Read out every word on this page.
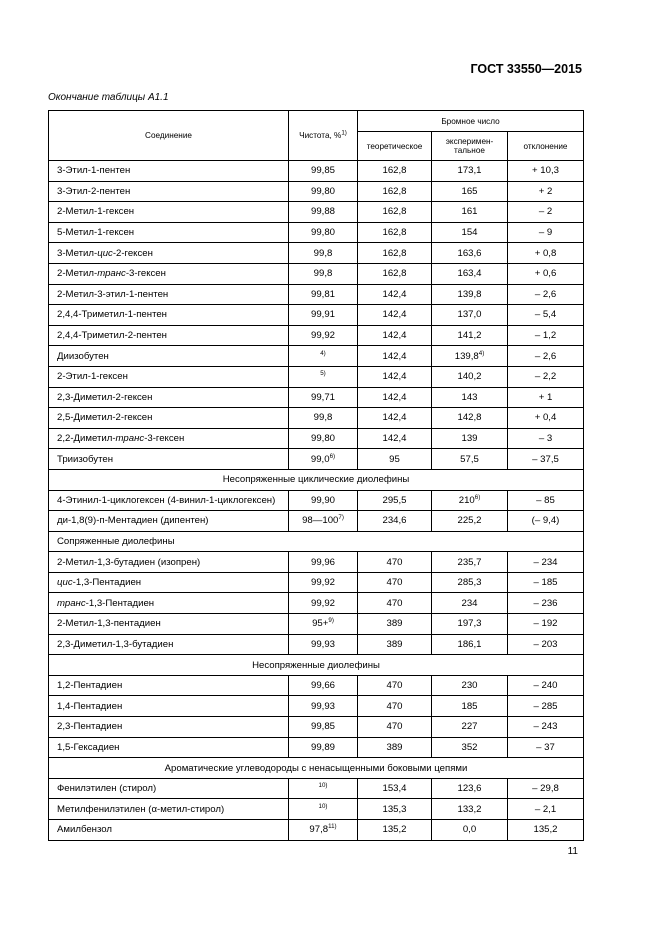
ГОСТ 33550—2015
Окончание таблицы А1.1
Соединение	Чистота, %$^{1)}$	Бромное число		
		теоретическое	эксперимен-тальное	отклонение
3-Этил-1-пентен	99,85	162,8	173,1	+ 10,3
3-Этил-2-пентен	99,80	162,8	165	+ 2
2-Метил-1-гексен	99,88	162,8	161	– 2
5-Метил-1-гексен	99,80	162,8	154	– 9
3-Метил-цис-2-гексен	99,8	162,8	163,6	+ 0,8
2-Метил-транс-3-гексен	99,8	162,8	163,4	+ 0,6
2-Метил-3-этил-1-пентен	99,81	142,4	139,8	– 2,6
2,4,4-Триметил-1-пентен	99,91	142,4	137,0	– 5,4
2,4,4-Триметил-2-пентен	99,92	142,4	141,2	– 1,2
Диизобутен	$^{4)}$	142,4	139,8$^{4)}$	– 2,6
2-Этил-1-гексен	$^{5)}$	142,4	140,2	– 2,2
2,3-Диметил-2-гексен	99,71	142,4	143	+ 1
2,5-Диметил-2-гексен	99,8	142,4	142,8	+ 0,4
2,2-Диметил-транс-3-гексен	99,80	142,4	139	– 3
Триизобутен	99,0$^{6)}$	95	57,5	– 37,5
Несопряженные циклические диолефины				
4-Этинил-1-циклогексен (4-винил-1-циклогексен)	99,90	295,5	210$^{6)}$	– 85
ди-1,8(9)-п-Ментадиен (дипентен)	98—100$^{7)}$	234,6	225,2	(– 9,4)
Сопряженные диолефины				
2-Метил-1,3-бутадиен (изопрен)	99,96	470	235,7	– 234
цис-1,3-Пентадиен	99,92	470	285,3	– 185
транс-1,3-Пентадиен	99,92	470	234	– 236
2-Метил-1,3-пентадиен	95+$^{9)}$	389	197,3	– 192
2,3-Диметил-1,3-бутадиен	99,93	389	186,1	– 203
Несопряженные диолефины				
1,2-Пентадиен	99,66	470	230	– 240
1,4-Пентадиен	99,93	470	185	– 285
2,3-Пентадиен	99,85	470	227	– 243
1,5-Гексадиен	99,89	389	352	– 37
Ароматические углеводороды с ненасыщенными боковыми цепями				
Фенилэтилен (стирол)	$^{10)}$	153,4	123,6	– 29,8
Метилфенилэтилен (α-метил-стирол)	$^{10)}$	135,3	133,2	– 2,1
Амилбензол	97,8$^{11)}$	135,2	0,0	135,2
11
